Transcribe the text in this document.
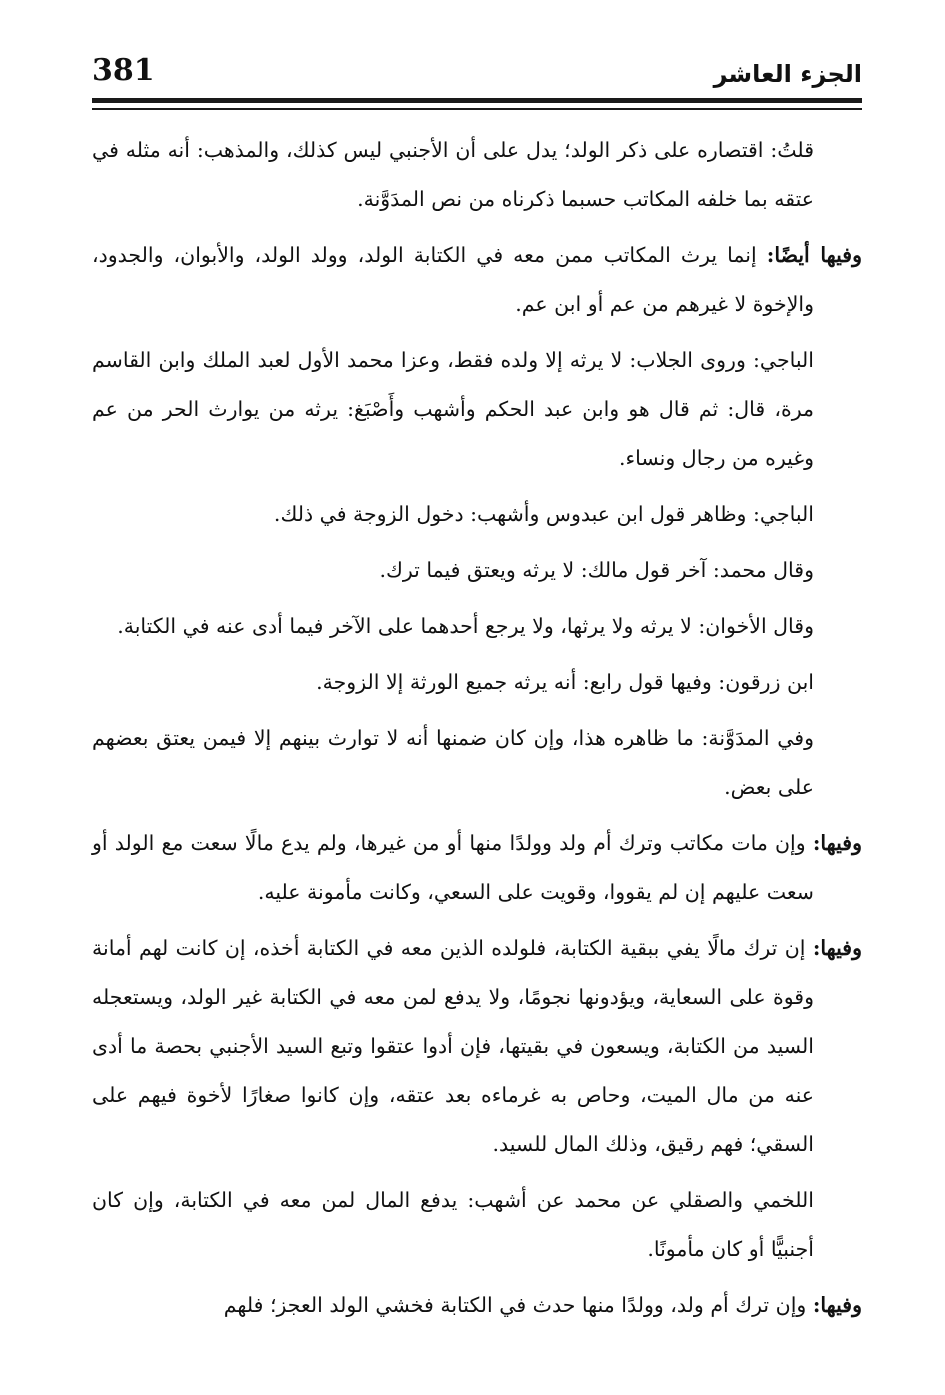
381	الجزء العاشر

قلتُ: اقتصاره على ذكر الولد؛ يدل على أن الأجنبي ليس كذلك، والمذهب: أنه مثله في عتقه بما خلفه المكاتب حسبما ذكرناه من نص المدَوَّنة.

وفيها أيضًا: إنما يرث المكاتب ممن معه في الكتابة الولد، وولد الولد، والأبوان، والجدود، والإخوة لا غيرهم من عم أو ابن عم.

الباجي: وروى الجلاب: لا يرثه إلا ولده فقط، وعزا محمد الأول لعبد الملك وابن القاسم مرة، قال: ثم قال هو وابن عبد الحكم وأشهب وأَصْبَغ: يرثه من يوارث الحر من عم وغيره من رجال ونساء.

الباجي: وظاهر قول ابن عبدوس وأشهب: دخول الزوجة في ذلك.

وقال محمد: آخر قول مالك: لا يرثه ويعتق فيما ترك.

وقال الأخوان: لا يرثه ولا يرثها، ولا يرجع أحدهما على الآخر فيما أدى عنه في الكتابة.

ابن زرقون: وفيها قول رابع: أنه يرثه جميع الورثة إلا الزوجة.

وفي المدَوَّنة: ما ظاهره هذا، وإن كان ضمنها أنه لا توارث بينهم إلا فيمن يعتق بعضهم على بعض.

وفيها: وإن مات مكاتب وترك أم ولد وولدًا منها أو من غيرها، ولم يدع مالًا سعت مع الولد أو سعت عليهم إن لم يقووا، وقويت على السعي، وكانت مأمونة عليه.

وفيها: إن ترك مالًا يفي ببقية الكتابة، فلولده الذين معه في الكتابة أخذه، إن كانت لهم أمانة وقوة على السعاية، ويؤدونها نجومًا، ولا يدفع لمن معه في الكتابة غير الولد، ويستعجله السيد من الكتابة، ويسعون في بقيتها، فإن أدوا عتقوا وتبع السيد الأجنبي بحصة ما أدى عنه من مال الميت، وحاص به غرماءه بعد عتقه، وإن كانوا صغارًا لأخوة فيهم على السقي؛ فهم رقيق، وذلك المال للسيد.

اللخمي والصقلي عن محمد عن أشهب: يدفع المال لمن معه في الكتابة، وإن كان أجنبيًّا أو كان مأمونًا.

وفيها: وإن ترك أم ولد، وولدًا منها حدث في الكتابة فخشي الولد العجز؛ فلهم
